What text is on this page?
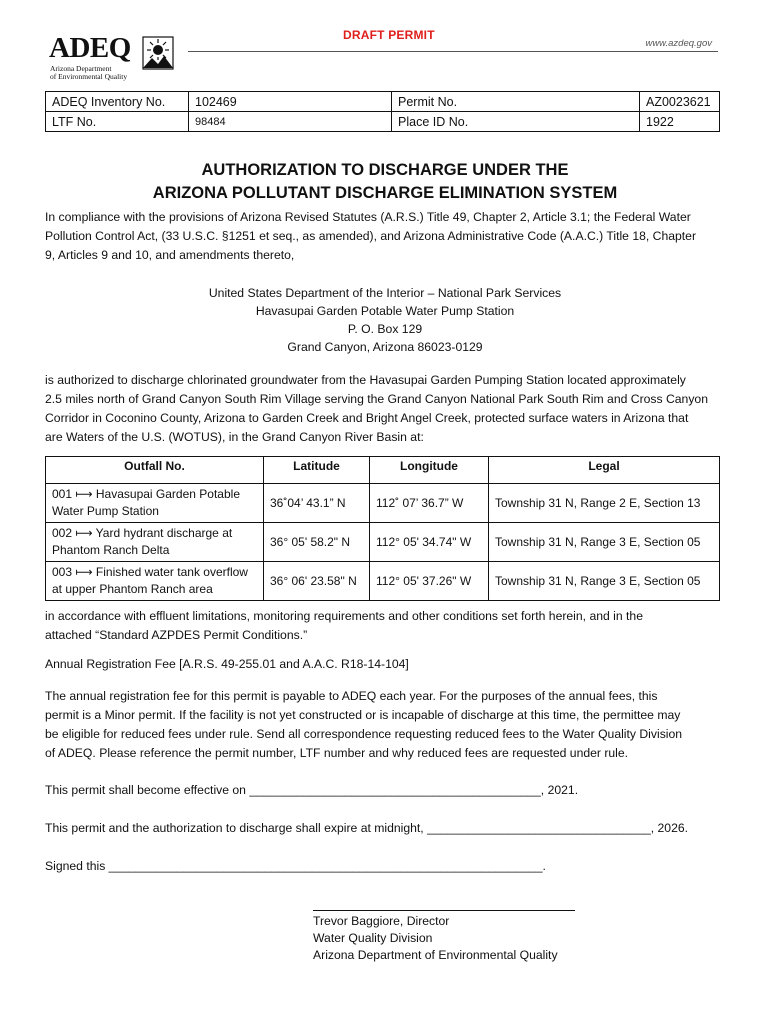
DRAFT PERMIT
www.azdeq.gov
ADEQ
Arizona Department
of Environmental Quality
ADEQ Inventory No.	102469	Permit No.	AZ0023621
LTF No.	98484	Place ID No.	1922
AUTHORIZATION TO DISCHARGE UNDER THE
ARIZONA POLLUTANT DISCHARGE ELIMINATION SYSTEM
In compliance with the provisions of Arizona Revised Statutes (A.R.S.) Title 49, Chapter 2, Article 3.1; the Federal Water
Pollution Control Act, (33 U.S.C. §1251 et seq., as amended), and Arizona Administrative Code (A.A.C.) Title 18, Chapter
9, Articles 9 and 10, and amendments thereto,
United States Department of the Interior – National Park Services
Havasupai Garden Potable Water Pump Station
P. O. Box 129
Grand Canyon, Arizona 86023-0129
is authorized to discharge chlorinated groundwater from the Havasupai Garden Pumping Station located approximately
2.5 miles north of Grand Canyon South Rim Village serving the Grand Canyon National Park South Rim and Cross Canyon
Corridor in Coconino County, Arizona to Garden Creek and Bright Angel Creek, protected surface waters in Arizona that
are Waters of the U.S. (WOTUS), in the Grand Canyon River Basin at:
Outfall No.	Latitude	Longitude	Legal

001 ⟼ Havasupai Garden Potable
Water Pump Station	36˚04’ 43.1” N	112˚ 07’ 36.7” W	Township 31 N, Range 2 E, Section 13

002 ⟼ Yard hydrant discharge at
Phantom Ranch Delta	36° 05' 58.2" N	112° 05' 34.74" W	Township 31 N, Range 3 E, Section 05

003 ⟼ Finished water tank overflow
at upper Phantom Ranch area	36° 06' 23.58" N	112° 05' 37.26" W	Township 31 N, Range 3 E, Section 05
in accordance with effluent limitations, monitoring requirements and other conditions set forth herein, and in the
attached “Standard AZPDES Permit Conditions.”
Annual Registration Fee [A.R.S. 49-255.01 and A.A.C. R18-14-104]
The annual registration fee for this permit is payable to ADEQ each year. For the purposes of the annual fees, this
permit is a Minor permit. If the facility is not yet constructed or is incapable of discharge at this time, the permittee may
be eligible for reduced fees under rule. Send all correspondence requesting reduced fees to the Water Quality Division
of ADEQ. Please reference the permit number, LTF number and why reduced fees are requested under rule.
This permit shall become effective on ___________________________________________, 2021.
This permit and the authorization to discharge shall expire at midnight, _________________________________, 2026.
Signed this ________________________________________________________________.
Trevor Baggiore, Director
Water Quality Division
Arizona Department of Environmental Quality
